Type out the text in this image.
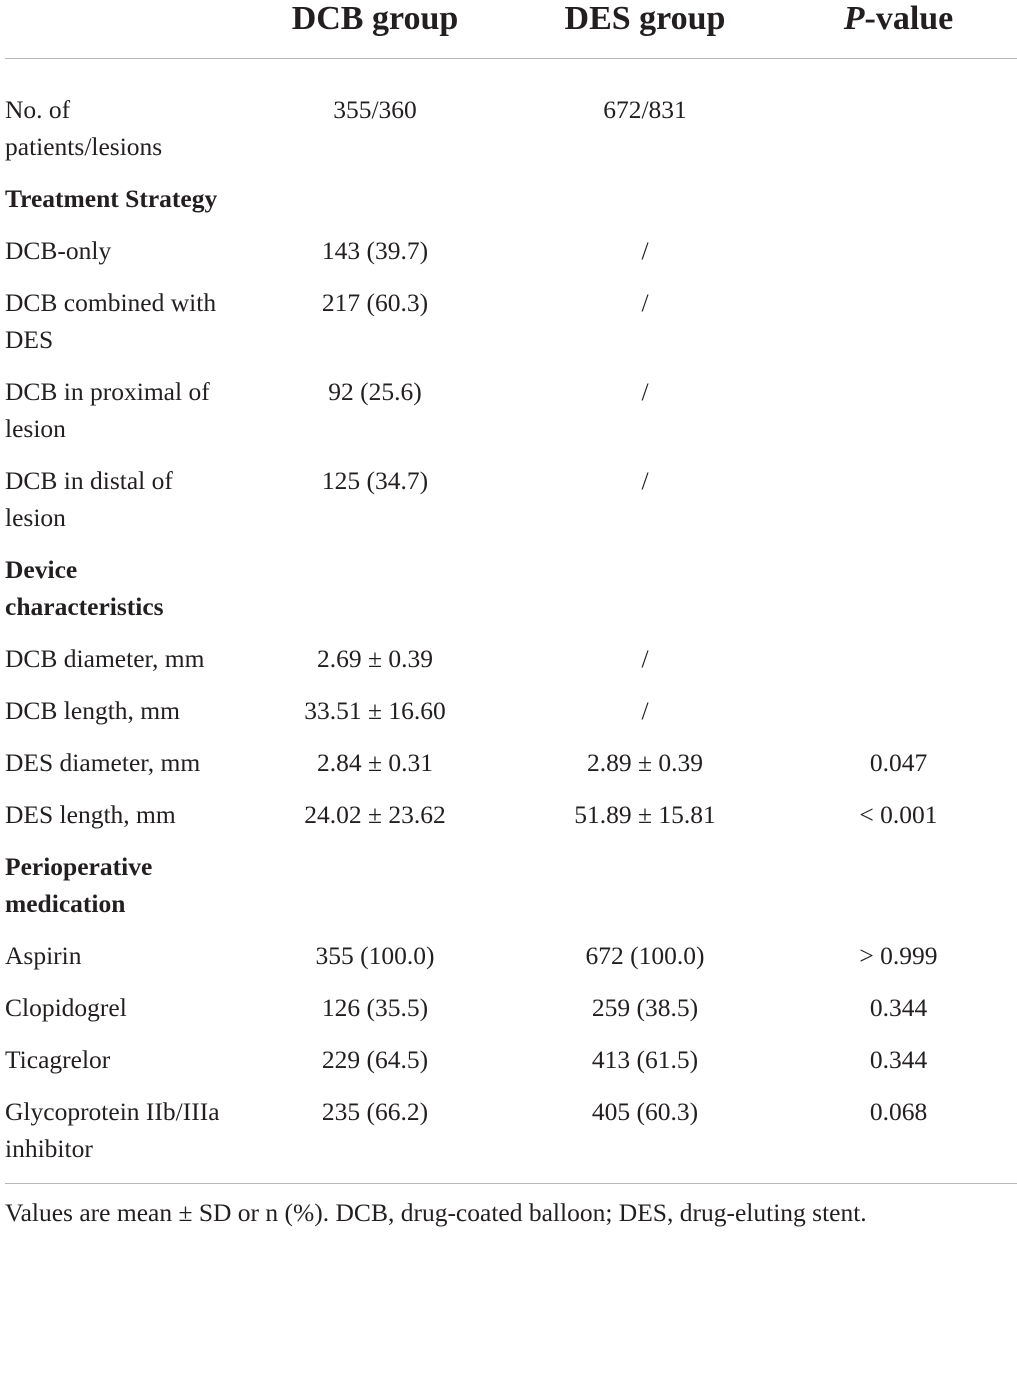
	DCB group	DES group	P-value

No. of patients/lesions	355/360	672/831	
Treatment Strategy			
DCB-only	143 (39.7)	/	
DCB combined with DES	217 (60.3)	/	
DCB in proximal of lesion	92 (25.6)	/	
DCB in distal of lesion	125 (34.7)	/	
Device characteristics			
DCB diameter, mm	2.69 ± 0.39	/	
DCB length, mm	33.51 ± 16.60	/	
DES diameter, mm	2.84 ± 0.31	2.89 ± 0.39	0.047
DES length, mm	24.02 ± 23.62	51.89 ± 15.81	< 0.001
Perioperative medication			
Aspirin	355 (100.0)	672 (100.0)	> 0.999
Clopidogrel	126 (35.5)	259 (38.5)	0.344
Ticagrelor	229 (64.5)	413 (61.5)	0.344
Glycoprotein IIb/IIIa inhibitor	235 (66.2)	405 (60.3)	0.068
Values are mean ± SD or n (%). DCB, drug-coated balloon; DES, drug-eluting stent.			
